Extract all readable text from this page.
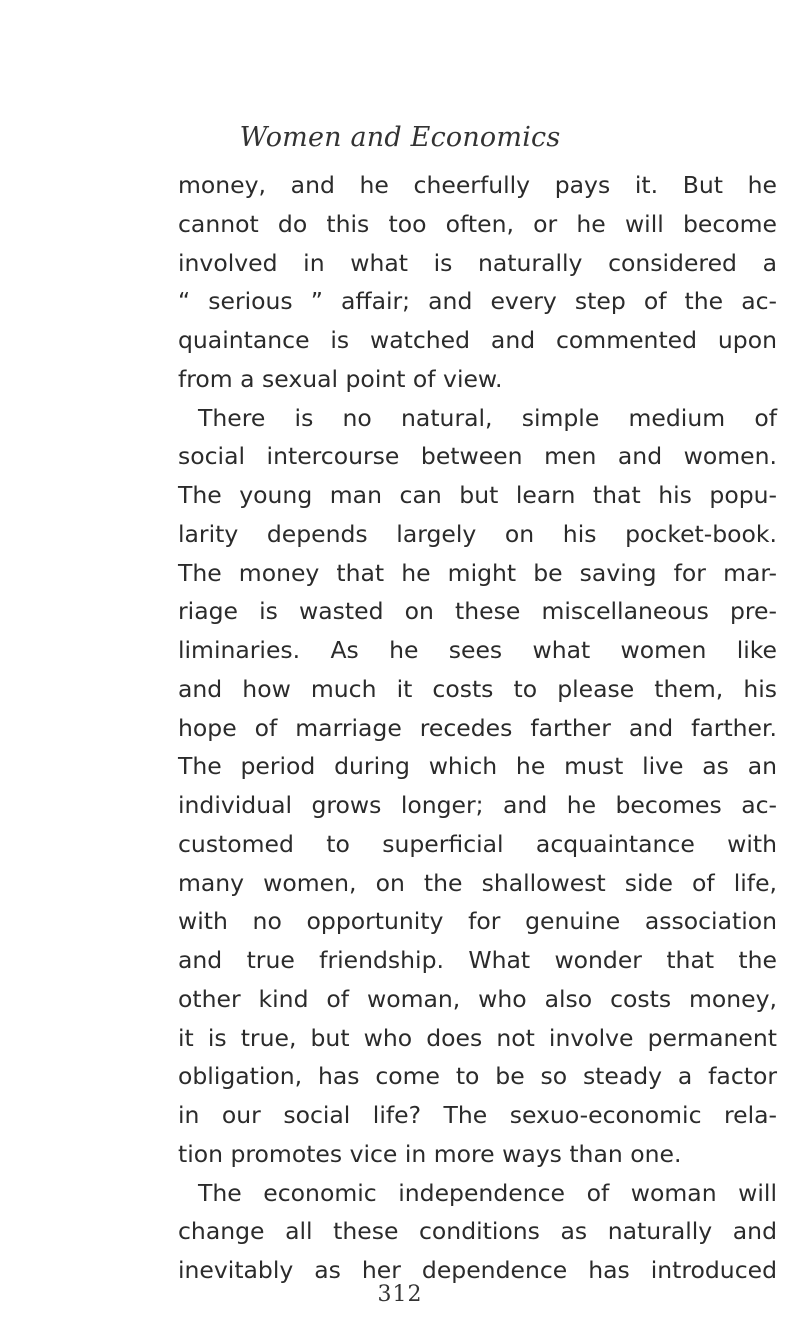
Women and Economics
money, and he cheerfully pays it. But he
cannot do this too often, or he will become
involved in what is naturally considered a
“ serious ” affair; and every step of the ac-
quaintance is watched and commented upon
from a sexual point of view.
There is no natural, simple medium of
social intercourse between men and women.
The young man can but learn that his popu-
larity depends largely on his pocket-book.
The money that he might be saving for mar-
riage is wasted on these miscellaneous pre-
liminaries. As he sees what women like
and how much it costs to please them, his
hope of marriage recedes farther and farther.
The period during which he must live as an
individual grows longer; and he becomes ac-
customed to superficial acquaintance with
many women, on the shallowest side of life,
with no opportunity for genuine association
and true friendship. What wonder that the
other kind of woman, who also costs money,
it is true, but who does not involve permanent
obligation, has come to be so steady a factor
in our social life? The sexuo-economic rela-
tion promotes vice in more ways than one.
The economic independence of woman will
change all these conditions as naturally and
inevitably as her dependence has introduced
312
